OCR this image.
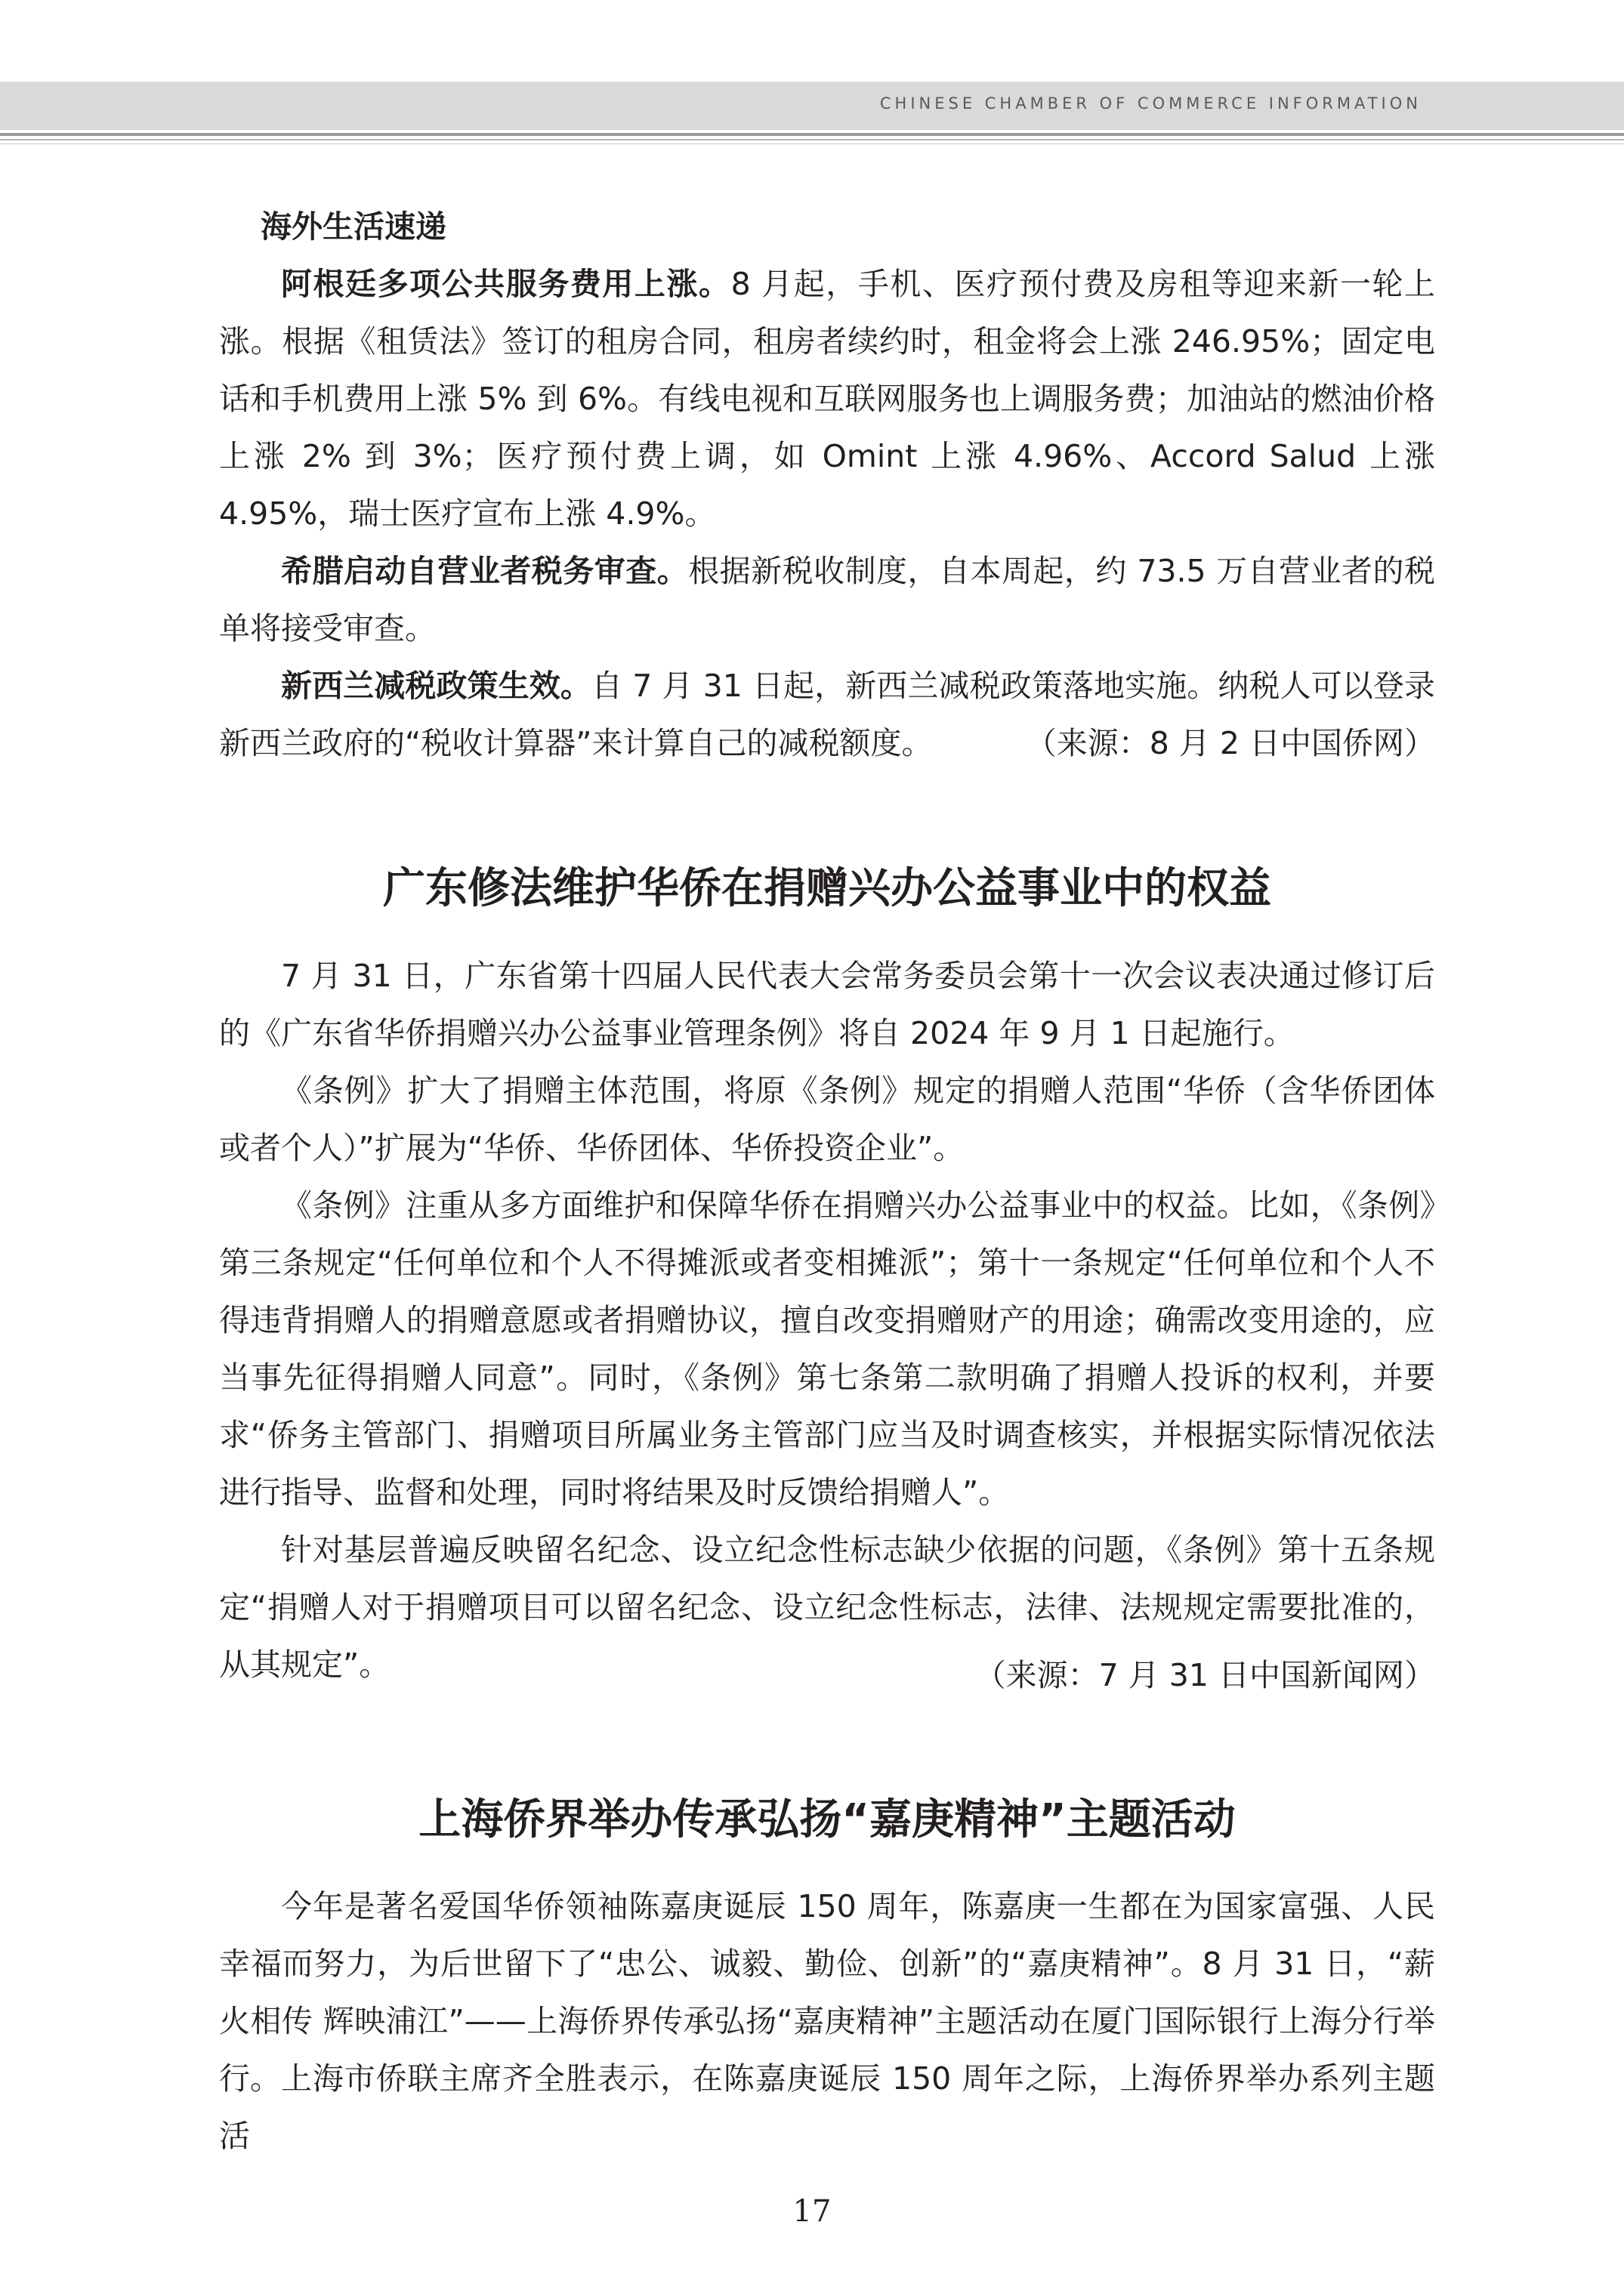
CHINESE CHAMBER OF COMMERCE INFORMATION
海外生活速递

阿根廷多项公共服务费用上涨。8 月起，手机、医疗预付费及房租等迎来新一轮上涨。根据《租赁法》签订的租房合同，租房者续约时，租金将会上涨 246.95%；固定电话和手机费用上涨 5% 到 6%。有线电视和互联网服务也上调服务费；加油站的燃油价格上涨 2% 到 3%；医疗预付费上调，如 Omint 上涨 4.96%、Accord Salud 上涨 4.95%，瑞士医疗宣布上涨 4.9%。

希腊启动自营业者税务审查。根据新税收制度，自本周起，约 73.5 万自营业者的税单将接受审查。

新西兰减税政策生效。自 7 月 31 日起，新西兰减税政策落地实施。纳税人可以登录新西兰政府的“税收计算器”来计算自己的减税额度。	（来源：8 月 2 日中国侨网）
广东修法维护华侨在捐赠兴办公益事业中的权益

7 月 31 日，广东省第十四届人民代表大会常务委员会第十一次会议表决通过修订后的《广东省华侨捐赠兴办公益事业管理条例》将自 2024 年 9 月 1 日起施行。

《条例》扩大了捐赠主体范围，将原《条例》规定的捐赠人范围“华侨（含华侨团体或者个人）”扩展为“华侨、华侨团体、华侨投资企业”。

《条例》注重从多方面维护和保障华侨在捐赠兴办公益事业中的权益。比如，《条例》第三条规定“任何单位和个人不得摊派或者变相摊派”；第十一条规定“任何单位和个人不得违背捐赠人的捐赠意愿或者捐赠协议，擅自改变捐赠财产的用途；确需改变用途的，应当事先征得捐赠人同意”。同时，《条例》第七条第二款明确了捐赠人投诉的权利，并要求“侨务主管部门、捐赠项目所属业务主管部门应当及时调查核实，并根据实际情况依法进行指导、监督和处理，同时将结果及时反馈给捐赠人”。

针对基层普遍反映留名纪念、设立纪念性标志缺少依据的问题，《条例》第十五条规定“捐赠人对于捐赠项目可以留名纪念、设立纪念性标志，法律、法规规定需要批准的，从其规定”。	（来源：7 月 31 日中国新闻网）
上海侨界举办传承弘扬“嘉庚精神”主题活动

今年是著名爱国华侨领袖陈嘉庚诞辰 150 周年，陈嘉庚一生都在为国家富强、人民幸福而努力，为后世留下了“忠公、诚毅、勤俭、创新”的“嘉庚精神”。8 月 31 日，“薪火相传 辉映浦江”——上海侨界传承弘扬“嘉庚精神”主题活动在厦门国际银行上海分行举行。 上海市侨联主席齐全胜表示，在陈嘉庚诞辰 150 周年之际，上海侨界举办系列主题活

17
